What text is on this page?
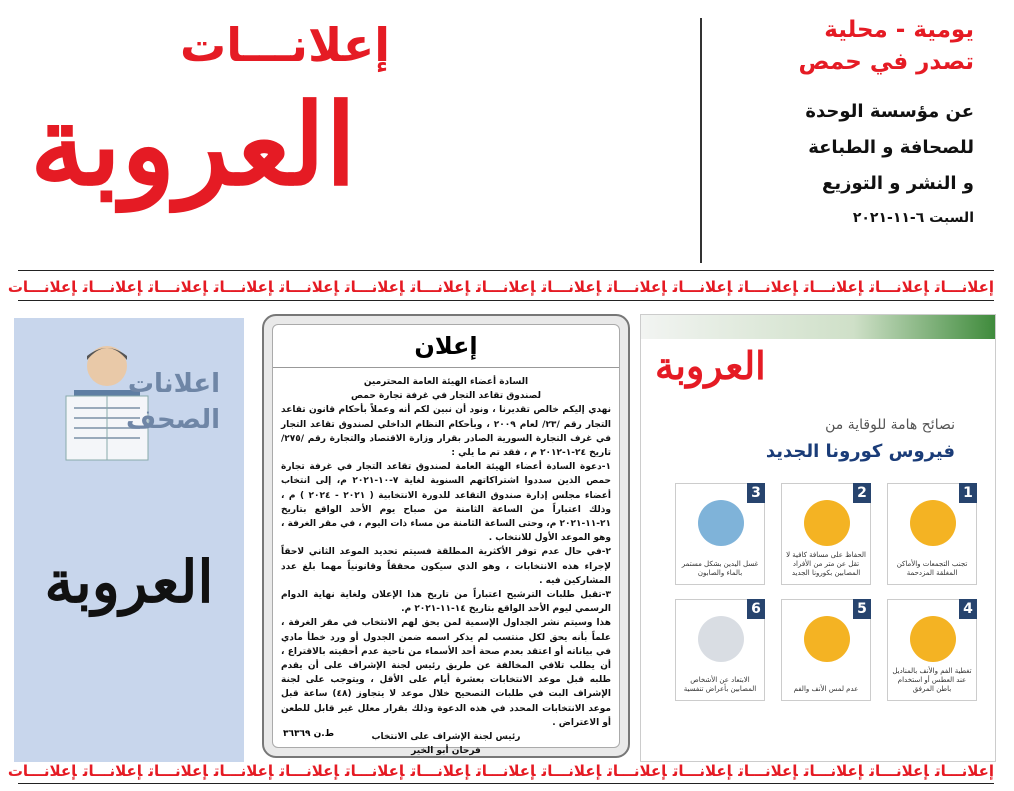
يومية - محلية
تصدر في حمص
عن مؤسسة الوحدة
للصحافة و الطباعة
و النشر و التوزيع
السبت ٦-١١-٢٠٢١
إعلانـــات
العروبة
إعلانـــاتإعلانـــاتإعلانـــاتإعلانـــاتإعلانـــاتإعلانـــاتإعلانـــاتإعلانـــاتإعلانـــاتإعلانـــاتإعلانـــاتإعلانـــاتإعلانـــاتإعلانـــاتإعلانـــات
اعلانات
الصحف
العروبة
إعلان
السادة أعضاء الهيئة العامة المحترمين
لصندوق تقاعد التجار في غرفة تجارة حمص
نهدي إليكم خالص تقديرنا ، ونود أن نبين لكم أنه وعملاً بأحكام قانون تقاعد التجار رقم /٢٣/ لعام ٢٠٠٩ ، وبأحكام النظام الداخلي لصندوق تقاعد التجار في غرف التجارة السورية الصادر بقرار وزارة الاقتصاد والتجارة رقم /٢٧٥/ تاريخ ٢٤-١-٢٠١٢ م ، فقد تم ما يلي :
١-دعوة السادة أعضاء الهيئة العامة لصندوق تقاعد التجار في غرفة تجارة حمص الذين سددوا اشتراكاتهم السنوية لغاية ٧-١٠-٢٠٢١ م، إلى انتخاب أعضاء مجلس إدارة صندوق التقاعد للدورة الانتخابية ( ٢٠٢١ - ٢٠٢٤ ) م ، وذلك اعتباراً من الساعة الثامنة من صباح يوم الأحد الواقع بتاريخ ٢١-١١-٢٠٢١ م، وحتى الساعة الثامنة من مساء ذات اليوم ، في مقر الغرفة ، وهو الموعد الأول للانتخاب .
٢-في حال عدم توفر الأكثرية المطلقة فسيتم تحديد الموعد الثاني لاحقاً لإجراء هذه الانتخابات ، وهو الذي سيكون محققاً وقانونياً مهما بلغ عدد المشاركين فيه .
٣-تقبل طلبات الترشيح اعتباراً من تاريخ هذا الإعلان ولغاية نهاية الدوام الرسمي ليوم الأحد الواقع بتاريخ ١٤-١١-٢٠٢١ م.
هذا وسيتم نشر الجداول الإسمية لمن يحق لهم الانتخاب في مقر الغرفة ، علماً بأنه يحق لكل منتسب لم يذكر اسمه ضمن الجدول أو ورد خطأ مادي في بياناته أو اعتقد بعدم صحة أحد الأسماء من ناحية عدم أحقيته بالاقتراع ، أن يطلب تلافي المخالفة عن طريق رئيس لجنة الإشراف على أن يقدم طلبه قبل موعد الانتخابات بعشرة أيام على الأقل ، ويتوجب على لجنة الإشراف البت في طلبات التصحيح خلال موعد لا يتجاوز (٤٨) ساعة قبل موعد الانتخابات المحدد في هذه الدعوة وذلك بقرار معلل غير قابل للطعن أو الاعتراض .
رئيس لجنة الإشراف على الانتخاب
فرحان أبو الخير
ط.ن ٣٦٣٦٩
العروبة
نصائح هامة للوقاية من
فيروس كورونا الجديد
1
تجنب التجمعات والأماكن المغلقة المزدحمة
2
الحفاظ على مسافة كافية لا تقل عن متر من الأفراد المصابين بكورونا الجديد
3
غسل اليدين بشكل مستمر بالماء والصابون
4
تغطية الفم والأنف بالمناديل عند العطس أو استخدام باطن المرفق
5
عدم لمس الأنف والفم
6
الابتعاد عن الأشخاص المصابين بأعراض تنفسية
إعلانـــاتإعلانـــاتإعلانـــاتإعلانـــاتإعلانـــاتإعلانـــاتإعلانـــاتإعلانـــاتإعلانـــاتإعلانـــاتإعلانـــاتإعلانـــاتإعلانـــاتإعلانـــاتإعلانـــات
